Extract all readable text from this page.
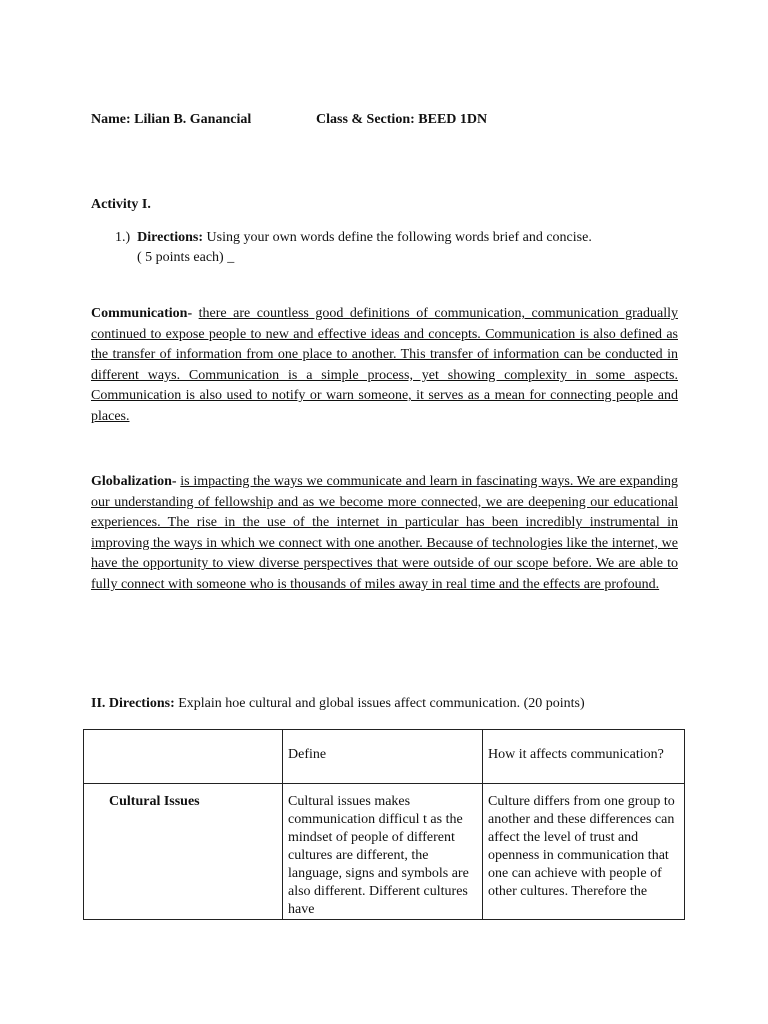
Name: Lilian B. Ganancial	Class & Section: BEED 1DN
Activity I.
1.) Directions: Using your own words define the following words brief and concise.
( 5 points each) _
Communication- there are countless good definitions of communication, communication gradually continued to expose people to new and effective ideas and concepts. Communication is also defined as the transfer of information from one place to another. This transfer of information can be conducted in different ways. Communication is a simple process, yet showing complexity in some aspects. Communication is also used to notify or warn someone, it serves as a mean for connecting people and places.
Globalization- is impacting the ways we communicate and learn in fascinating ways. We are expanding our understanding of fellowship and as we become more connected, we are deepening our educational experiences. The rise in the use of the internet in particular has been incredibly instrumental in improving the ways in which we connect with one another. Because of technologies like the internet, we have the opportunity to view diverse perspectives that were outside of our scope before. We are able to fully connect with someone who is thousands of miles away in real time and the effects are profound.
II. Directions: Explain hoe cultural and global issues affect communication. (20 points)
	Define	How it affects communication?
Cultural Issues	Cultural issues makes communication difficul t as the mindset of people of different cultures are different, the language, signs and symbols are also different. Different cultures have	Culture differs from one group to another and these differences can affect the level of trust and openness in communication that one can achieve with people of other cultures. Therefore the
